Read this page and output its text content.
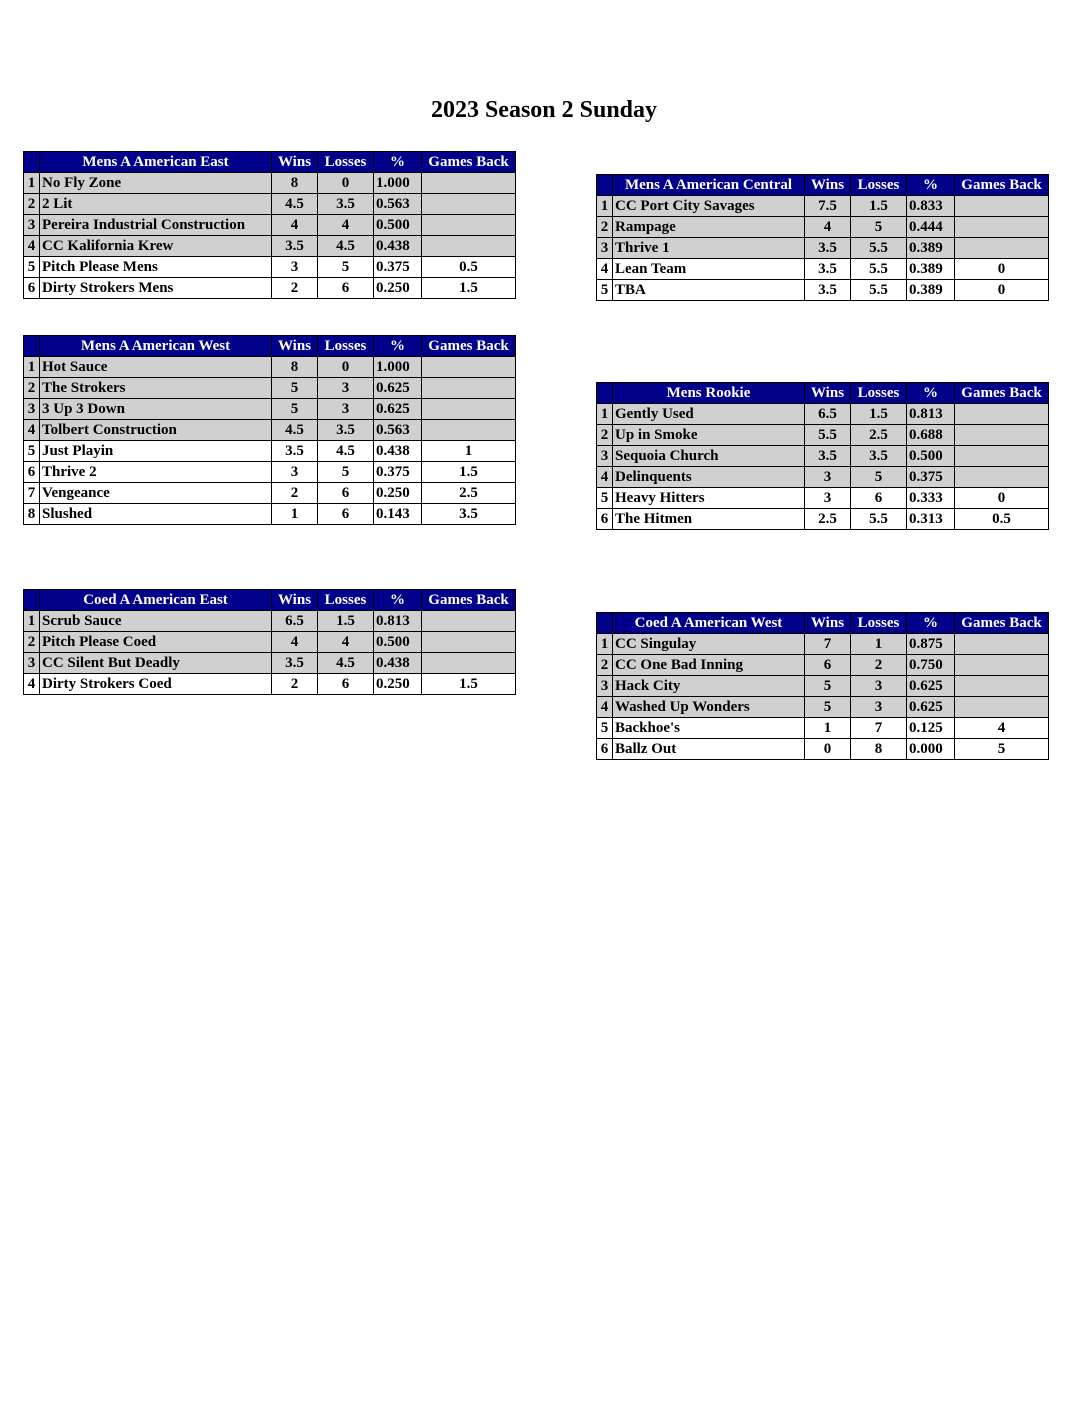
2023 Season 2 Sunday
	Mens A American East	Wins	Losses	%	Games Back
1	No Fly Zone	8	0	1.000	
2	2 Lit	4.5	3.5	0.563	
3	Pereira Industrial Construction	4	4	0.500	
4	CC Kalifornia Krew	3.5	4.5	0.438	
5	Pitch Please Mens	3	5	0.375	0.5
6	Dirty Strokers Mens	2	6	0.250	1.5
	Mens A American Central	Wins	Losses	%	Games Back
1	CC Port City Savages	7.5	1.5	0.833	
2	Rampage	4	5	0.444	
3	Thrive 1	3.5	5.5	0.389	
4	Lean Team	3.5	5.5	0.389	0
5	TBA	3.5	5.5	0.389	0
	Mens A American West	Wins	Losses	%	Games Back
1	Hot Sauce	8	0	1.000	
2	The Strokers	5	3	0.625	
3	3 Up 3 Down	5	3	0.625	
4	Tolbert Construction	4.5	3.5	0.563	
5	Just Playin	3.5	4.5	0.438	1
6	Thrive 2	3	5	0.375	1.5
7	Vengeance	2	6	0.250	2.5
8	Slushed	1	6	0.143	3.5
	Mens Rookie	Wins	Losses	%	Games Back
1	Gently Used	6.5	1.5	0.813	
2	Up in Smoke	5.5	2.5	0.688	
3	Sequoia Church	3.5	3.5	0.500	
4	Delinquents	3	5	0.375	
5	Heavy Hitters	3	6	0.333	0
6	The Hitmen	2.5	5.5	0.313	0.5
	Coed A American East	Wins	Losses	%	Games Back
1	Scrub Sauce	6.5	1.5	0.813	
2	Pitch Please Coed	4	4	0.500	
3	CC Silent But Deadly	3.5	4.5	0.438	
4	Dirty Strokers Coed	2	6	0.250	1.5
	Coed A American West	Wins	Losses	%	Games Back
1	CC Singulay	7	1	0.875	
2	CC One Bad Inning	6	2	0.750	
3	Hack City	5	3	0.625	
4	Washed Up Wonders	5	3	0.625	
5	Backhoe's	1	7	0.125	4
6	Ballz Out	0	8	0.000	5
